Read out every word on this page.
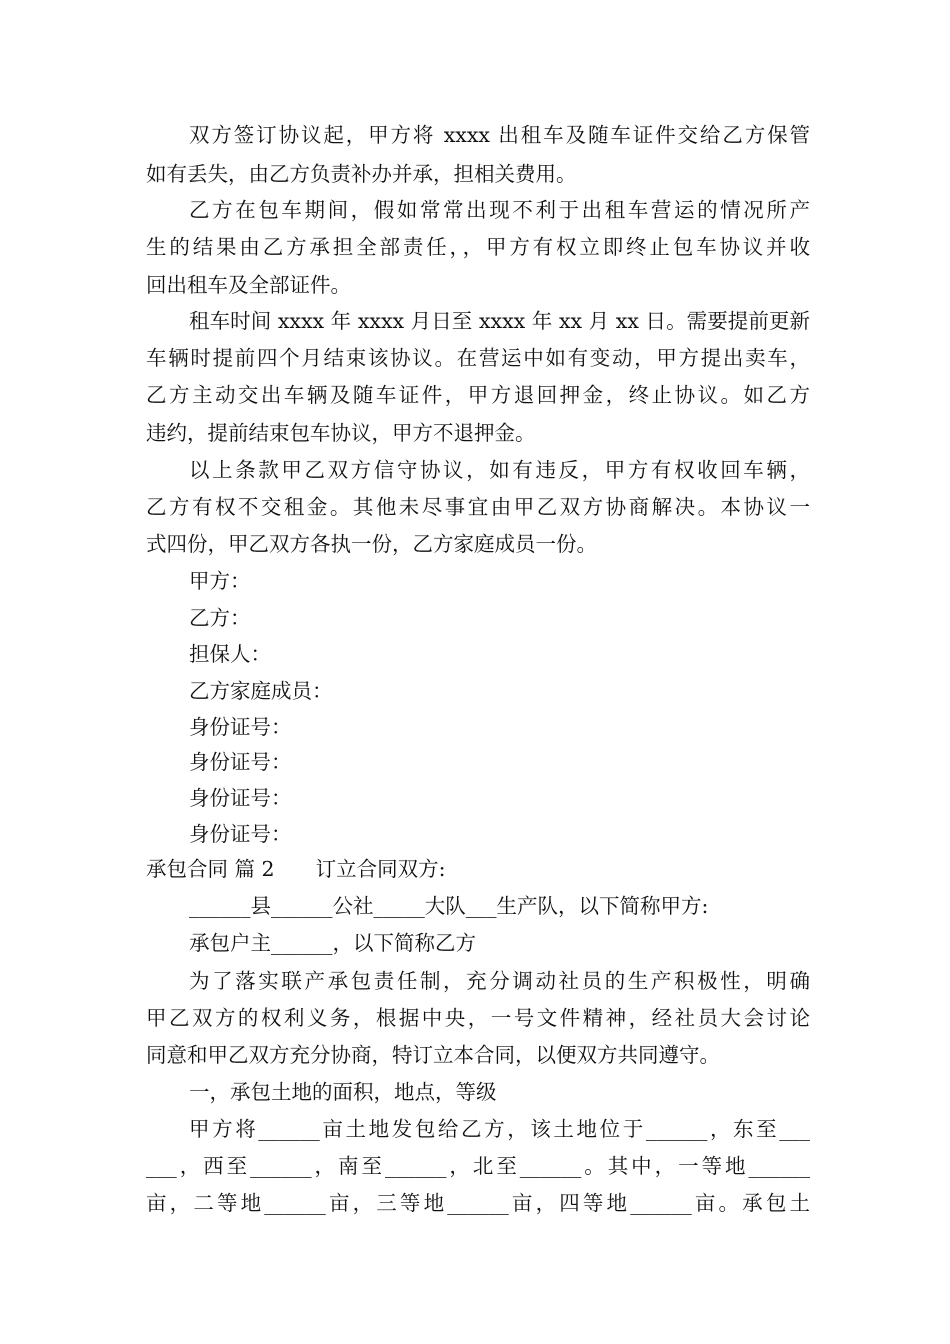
双方签订协议起，甲方将 xxxx 出租车及随车证件交给乙方保管
如有丢失，由乙方负责补办并承，担相关费用。
乙方在包车期间，假如常常出现不利于出租车营运的情况所产
生的结果由乙方承担全部责任，，甲方有权立即终止包车协议并收
回出租车及全部证件。
租车时间 xxxx 年 xxxx 月日至 xxxx 年 xx 月 xx 日。需要提前更新
车辆时提前四个月结束该协议。在营运中如有变动，甲方提出卖车，
乙方主动交出车辆及随车证件，甲方退回押金，终止协议。如乙方
违约，提前结束包车协议，甲方不退押金。
以上条款甲乙双方信守协议，如有违反，甲方有权收回车辆，
乙方有权不交租金。其他未尽事宜由甲乙双方协商解决。本协议一
式四份，甲乙双方各执一份，乙方家庭成员一份。
甲方：
乙方：
担保人：
乙方家庭成员：
身份证号：
身份证号：
身份证号：
身份证号：
承包合同 篇 2　　订立合同双方:
______县______公社_____大队___生产队，以下简称甲方:
承包户主______，以下简称乙方
为了落实联产承包责任制，充分调动社员的生产积极性，明确
甲乙双方的权利义务，根据中央，一号文件精神，经社员大会讨论
同意和甲乙双方充分协商，特订立本合同，以便双方共同遵守。
一，承包土地的面积，地点，等级
甲方将______亩土地发包给乙方，该土地位于______，东至___
___，西至______，南至______，北至______。其中，一等地______
亩，二等地______亩，三等地______亩，四等地______亩。承包土
